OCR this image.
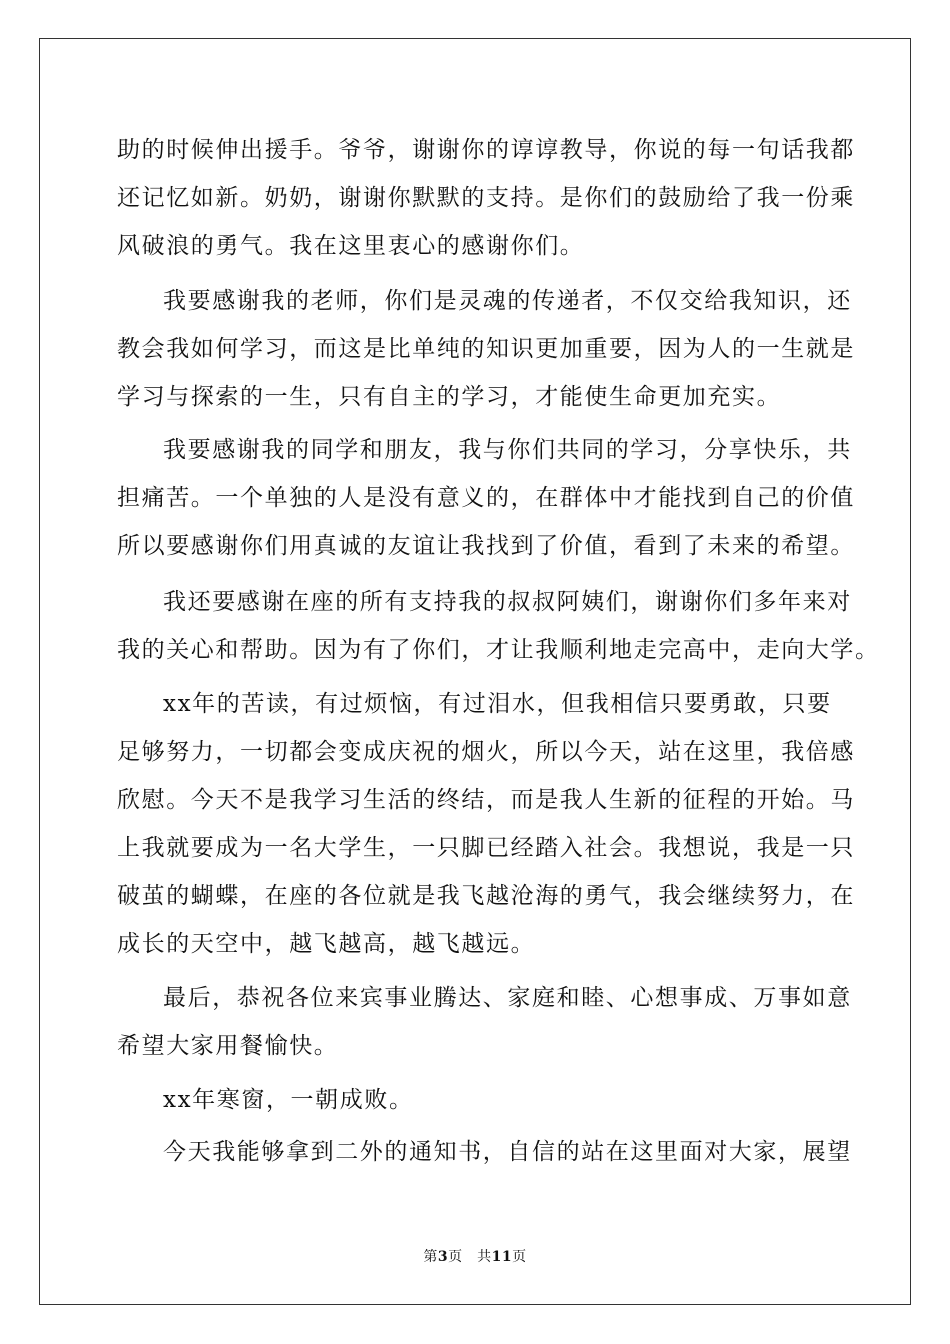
助的时候伸出援手。爷爷，谢谢你的谆谆教导，你说的每一句话我都
还记忆如新。奶奶，谢谢你默默的支持。是你们的鼓励给了我一份乘
风破浪的勇气。我在这里衷心的感谢你们。
我要感谢我的老师，你们是灵魂的传递者，不仅交给我知识，还
教会我如何学习，而这是比单纯的知识更加重要，因为人的一生就是
学习与探索的一生，只有自主的学习，才能使生命更加充实。
我要感谢我的同学和朋友，我与你们共同的学习，分享快乐，共
担痛苦。一个单独的人是没有意义的，在群体中才能找到自己的价值
所以要感谢你们用真诚的友谊让我找到了价值，看到了未来的希望。
我还要感谢在座的所有支持我的叔叔阿姨们，谢谢你们多年来对
我的关心和帮助。因为有了你们，才让我顺利地走完高中，走向大学。
xx年的苦读，有过烦恼，有过泪水，但我相信只要勇敢，只要
足够努力，一切都会变成庆祝的烟火，所以今天，站在这里，我倍感
欣慰。今天不是我学习生活的终结，而是我人生新的征程的开始。马
上我就要成为一名大学生，一只脚已经踏入社会。我想说，我是一只
破茧的蝴蝶，在座的各位就是我飞越沧海的勇气，我会继续努力，在
成长的天空中，越飞越高，越飞越远。
最后，恭祝各位来宾事业腾达、家庭和睦、心想事成、万事如意
希望大家用餐愉快。
xx年寒窗，一朝成败。
今天我能够拿到二外的通知书，自信的站在这里面对大家，展望
第3页　共11页
